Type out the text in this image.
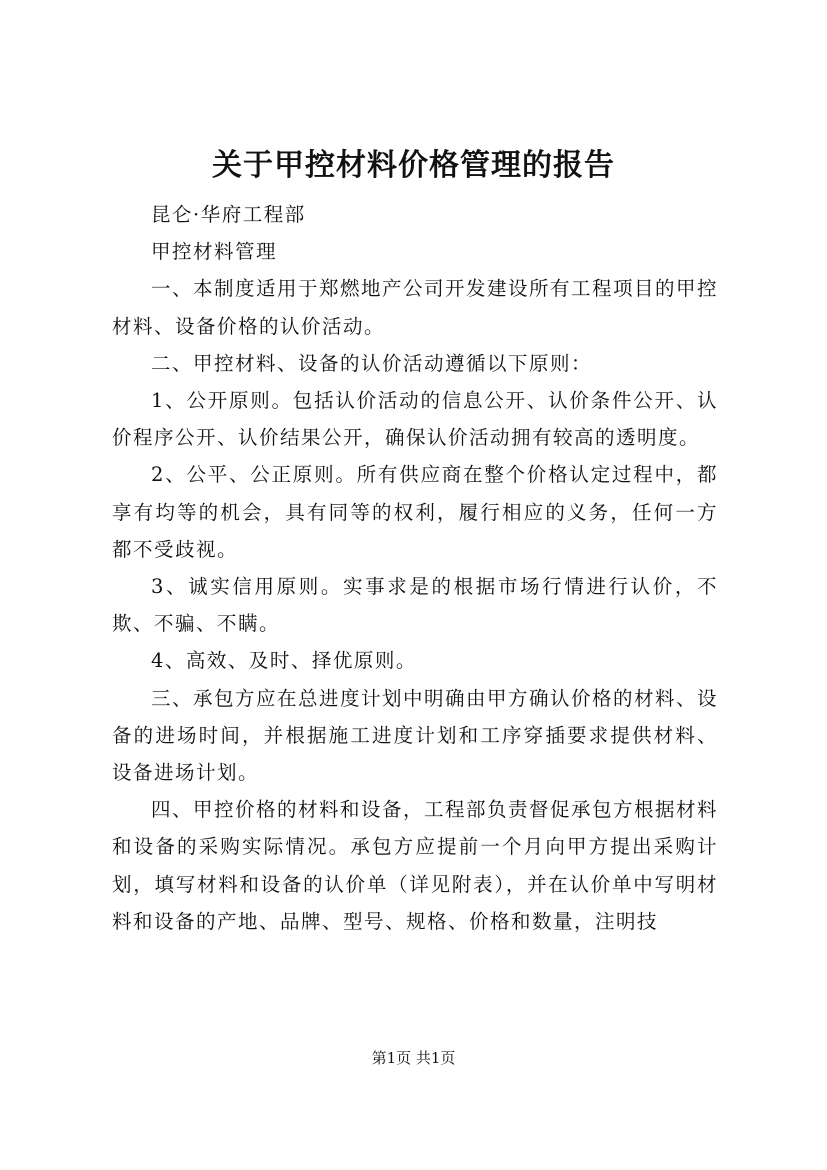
关于甲控材料价格管理的报告

昆仑·华府工程部

甲控材料管理

一、本制度适用于郑燃地产公司开发建设所有工程项目的甲控材料、设备价格的认价活动。

二、甲控材料、设备的认价活动遵循以下原则：

1、公开原则。包括认价活动的信息公开、认价条件公开、认价程序公开、认价结果公开，确保认价活动拥有较高的透明度。

2、公平、公正原则。所有供应商在整个价格认定过程中，都享有均等的机会，具有同等的权利，履行相应的义务，任何一方都不受歧视。

3、诚实信用原则。实事求是的根据市场行情进行认价，不欺、不骗、不瞒。

4、高效、及时、择优原则。

三、承包方应在总进度计划中明确由甲方确认价格的材料、设备的进场时间，并根据施工进度计划和工序穿插要求提供材料、设备进场计划。

四、甲控价格的材料和设备，工程部负责督促承包方根据材料和设备的采购实际情况。承包方应提前一个月向甲方提出采购计划，填写材料和设备的认价单（详见附表），并在认价单中写明材料和设备的产地、品牌、型号、规格、价格和数量，注明技

第1页 共1页
